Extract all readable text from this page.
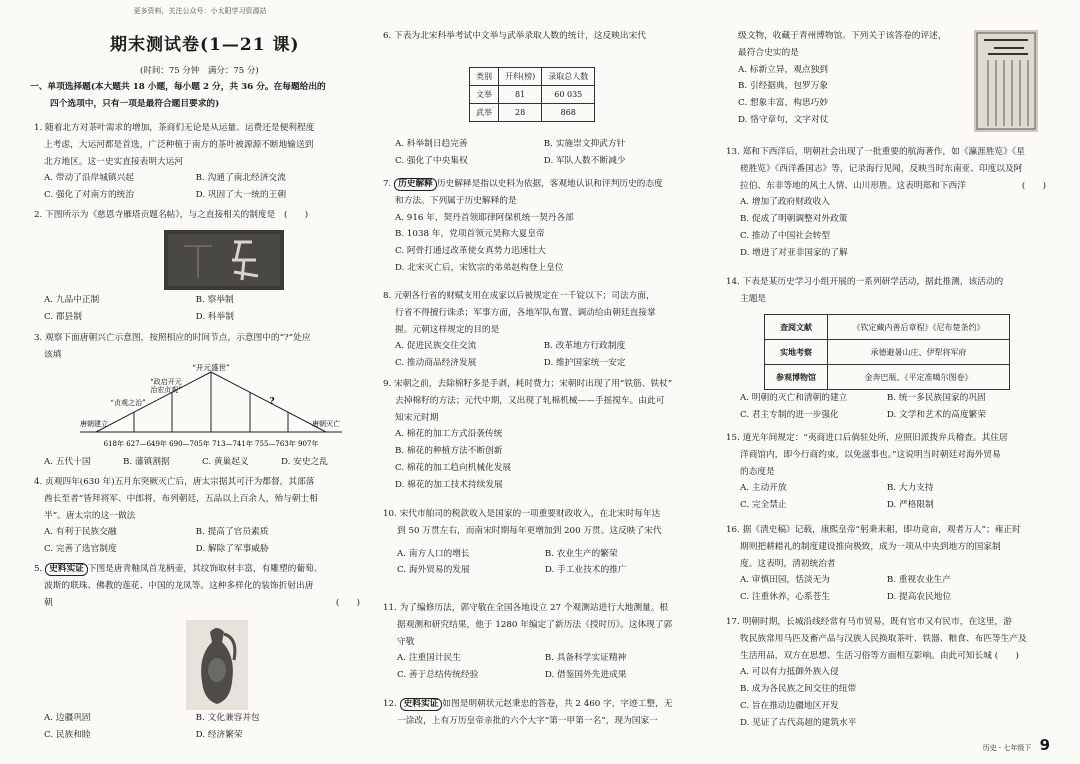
更多资料，关注公众号：小太阳学习资源站
期末测试卷(1—21 课)
(时间：75 分钟　满分：75 分)
一、单项选择题(本大题共 18 小题，每小题 2 分，共 36 分。在每题给出的
四个选项中，只有一项是最符合题目要求的)
1. 随着北方对茶叶需求的增加，茶商们无论是从运量、运费还是便利程度
上考虑，大运河都是首选，广泛种植于南方的茶叶被源源不断地输送到
北方地区。这一史实直接表明大运河
A. 带动了沿岸城镇兴起	B. 沟通了南北经济交流
C. 强化了对南方的统治	D. 巩固了大一统的王朝
2. 下图所示为《慈恩寺雁塔贡题名帖》，与之直接相关的制度是　(　　)
A. 九品中正制	B. 察举制
C. 郡县制	D. 科举制
3. 观察下面唐朝兴亡示意图，按照相应的时间节点，示意图中的“?”处应
该填
“开元盛世”
“政启开元
治宏贞观”
“贞观之治”	?
唐朝建立	唐朝灭亡
618年 627—649年 690—705年 713—741年 755—763年 907年
A. 五代十国	B. 藩镇割据	C. 黄巢起义	D. 安史之乱
4. 贞观四年(630 年)五月东突厥灭亡后，唐太宗据其可汗为都督，其部落
酋长至者“皆拜将军、中郎将，布列朝廷，五品以上百余人，殆与朝士相
半”。唐太宗的这一做法
A. 有利于民族交融	B. 提高了官员素质
C. 完善了选官制度	D. 解除了军事威胁
5. 史料实证 下图是唐青釉凤首龙柄壶，其纹饰取材丰富，有雕塑的葡萄、
波斯的联珠、佛教的莲花、中国的龙凤等。这种多样化的装饰折射出唐
朝	(　　)
A. 边疆巩固	B. 文化兼容并包
C. 民族和睦	D. 经济繁荣
6. 下表为北宋科举考试中文举与武举录取人数的统计，这反映出宋代
类别	开科(榜)	录取总人数
文举	81	60 035
武举	28	868
A. 科举制日趋完善	B. 实施崇文抑武方针
C. 强化了中央集权	D. 军队人数不断减少
7. 历史解释 历史解释是指以史料为依据，客观地认识和评判历史的态度
和方法。下列属于历史解释的是
A. 916 年，契丹首领耶律阿保机统一契丹各部
B. 1038 年，党项首领元昊称大夏皇帝
C. 阿骨打通过改革使女真势力迅速壮大
D. 北宋灭亡后，宋钦宗的弟弟赵构登上皇位
8. 元朝各行省的财赋支用在成家以后被规定在一千锭以下；司法方面，
行省不得擅行诛杀；军事方面，各地军队布置、调动给由朝廷直接掌
握。元朝这样规定的目的是
A. 促进民族交往交流	B. 改革地方行政制度
C. 推动商品经济发展	D. 维护国家统一安定
9. 宋朝之前，去除棉籽多是手剥，耗时费力；宋朝时出现了用“铁筋、铁杖”
去掉棉籽的方法；元代中期，又出现了轧棉机械——手摇搅车。由此可
知宋元时期
A. 棉花的加工方式沿袭传统
B. 棉花的种植方法不断创新
C. 棉花的加工趋向机械化发展
D. 棉花的加工技术持续发展
10. 宋代市舶司的税款收入是国家的一项重要财政收入，在北宋时每年达
到 50 万贯左右，而南宋时期每年更增加到 200 万贯。这反映了宋代
A. 南方人口的增长	B. 农业生产的繁荣
C. 海外贸易的发展	D. 手工业技术的推广
11. 为了编修历法，郭守敬在全国各地设立 27 个观测站进行大地测量。根
据观测和研究结果，他于 1280 年编定了新历法《授时历》。这体现了郭
守敬
A. 注重国计民生	B. 具备科学实证精神
C. 善于总结传统经验	D. 借鉴国外先进成果
12. 史料实证 如图是明朝状元赵秉忠的答卷，共 2 460 字，字迹工整，无
一涂改，上有万历皇帝亲批的六个大字“第一甲第一名”，现为国家一
级文物，收藏于青州博物馆。下列关于该答卷的评述，
最符合史实的是
A. 标新立异，观点独到
B. 引经据典，包罗万象
C. 想象丰富，构思巧妙
D. 恪守章句，文字对仗
13. 郑和下西洋后，明朝社会出现了一批重要的航海著作，如《瀛涯胜览》《星
槎胜览》《西洋番国志》等，记录海行见闻，反映当时东南亚、印度以及阿
拉伯、东非等地的风土人情、山川形胜。这表明郑和下西洋	(　　)
A. 增加了政府财政收入
B. 促成了明朝调整对外政策
C. 推动了中国社会转型
D. 增进了对亚非国家的了解
14. 下表是某历史学习小组开展的一系列研学活动，据此推测，该活动的
主题是
查阅文献	《钦定藏内善后章程》《尼布楚条约》
实地考察	承德避暑山庄、伊犁将军府
参观博物馆	金奔巴瓶、《平定准噶尔图卷》
A. 明朝的灭亡和清朝的建立	B. 统一多民族国家的巩固
C. 君主专制的进一步强化	D. 文学和艺术的高度繁荣
15. 道光年间规定：“夷商进口后倘驻处所，应照旧派拨弁兵稽查。其住居
洋商馆内，即今行商约束，以免滋事也。”这说明当时朝廷对海外贸易
的态度是
A. 主动开放	B. 大力支持
C. 完全禁止	D. 严格限制
16. 据《清史稿》记载，康熙皇帝“躬秉耒耜，即功竟亩，观者万人”；雍正时
期则把耕耤礼的制度建设推向极致，成为一项从中央到地方的国家制
度。这表明，清初统治者
A. 审慎田园，恬淡无为	B. 重视农业生产
C. 注重休养，心系苍生	D. 提高农民地位
17. 明朝时期，长城沿线经常有马市贸易，既有官市又有民市，在这里，游
牧民族常用马匹及畜产品与汉族人民换取茶叶、铁器、粮食、布匹等生产及
生活用品，双方在思想、生活习俗等方面相互影响。由此可知长城 (　　)
A. 可以有力抵御外族入侵
B. 成为各民族之间交往的纽带
C. 旨在推动边疆地区开发
D. 见证了古代高超的建筑水平
历史 · 七年级下 9
